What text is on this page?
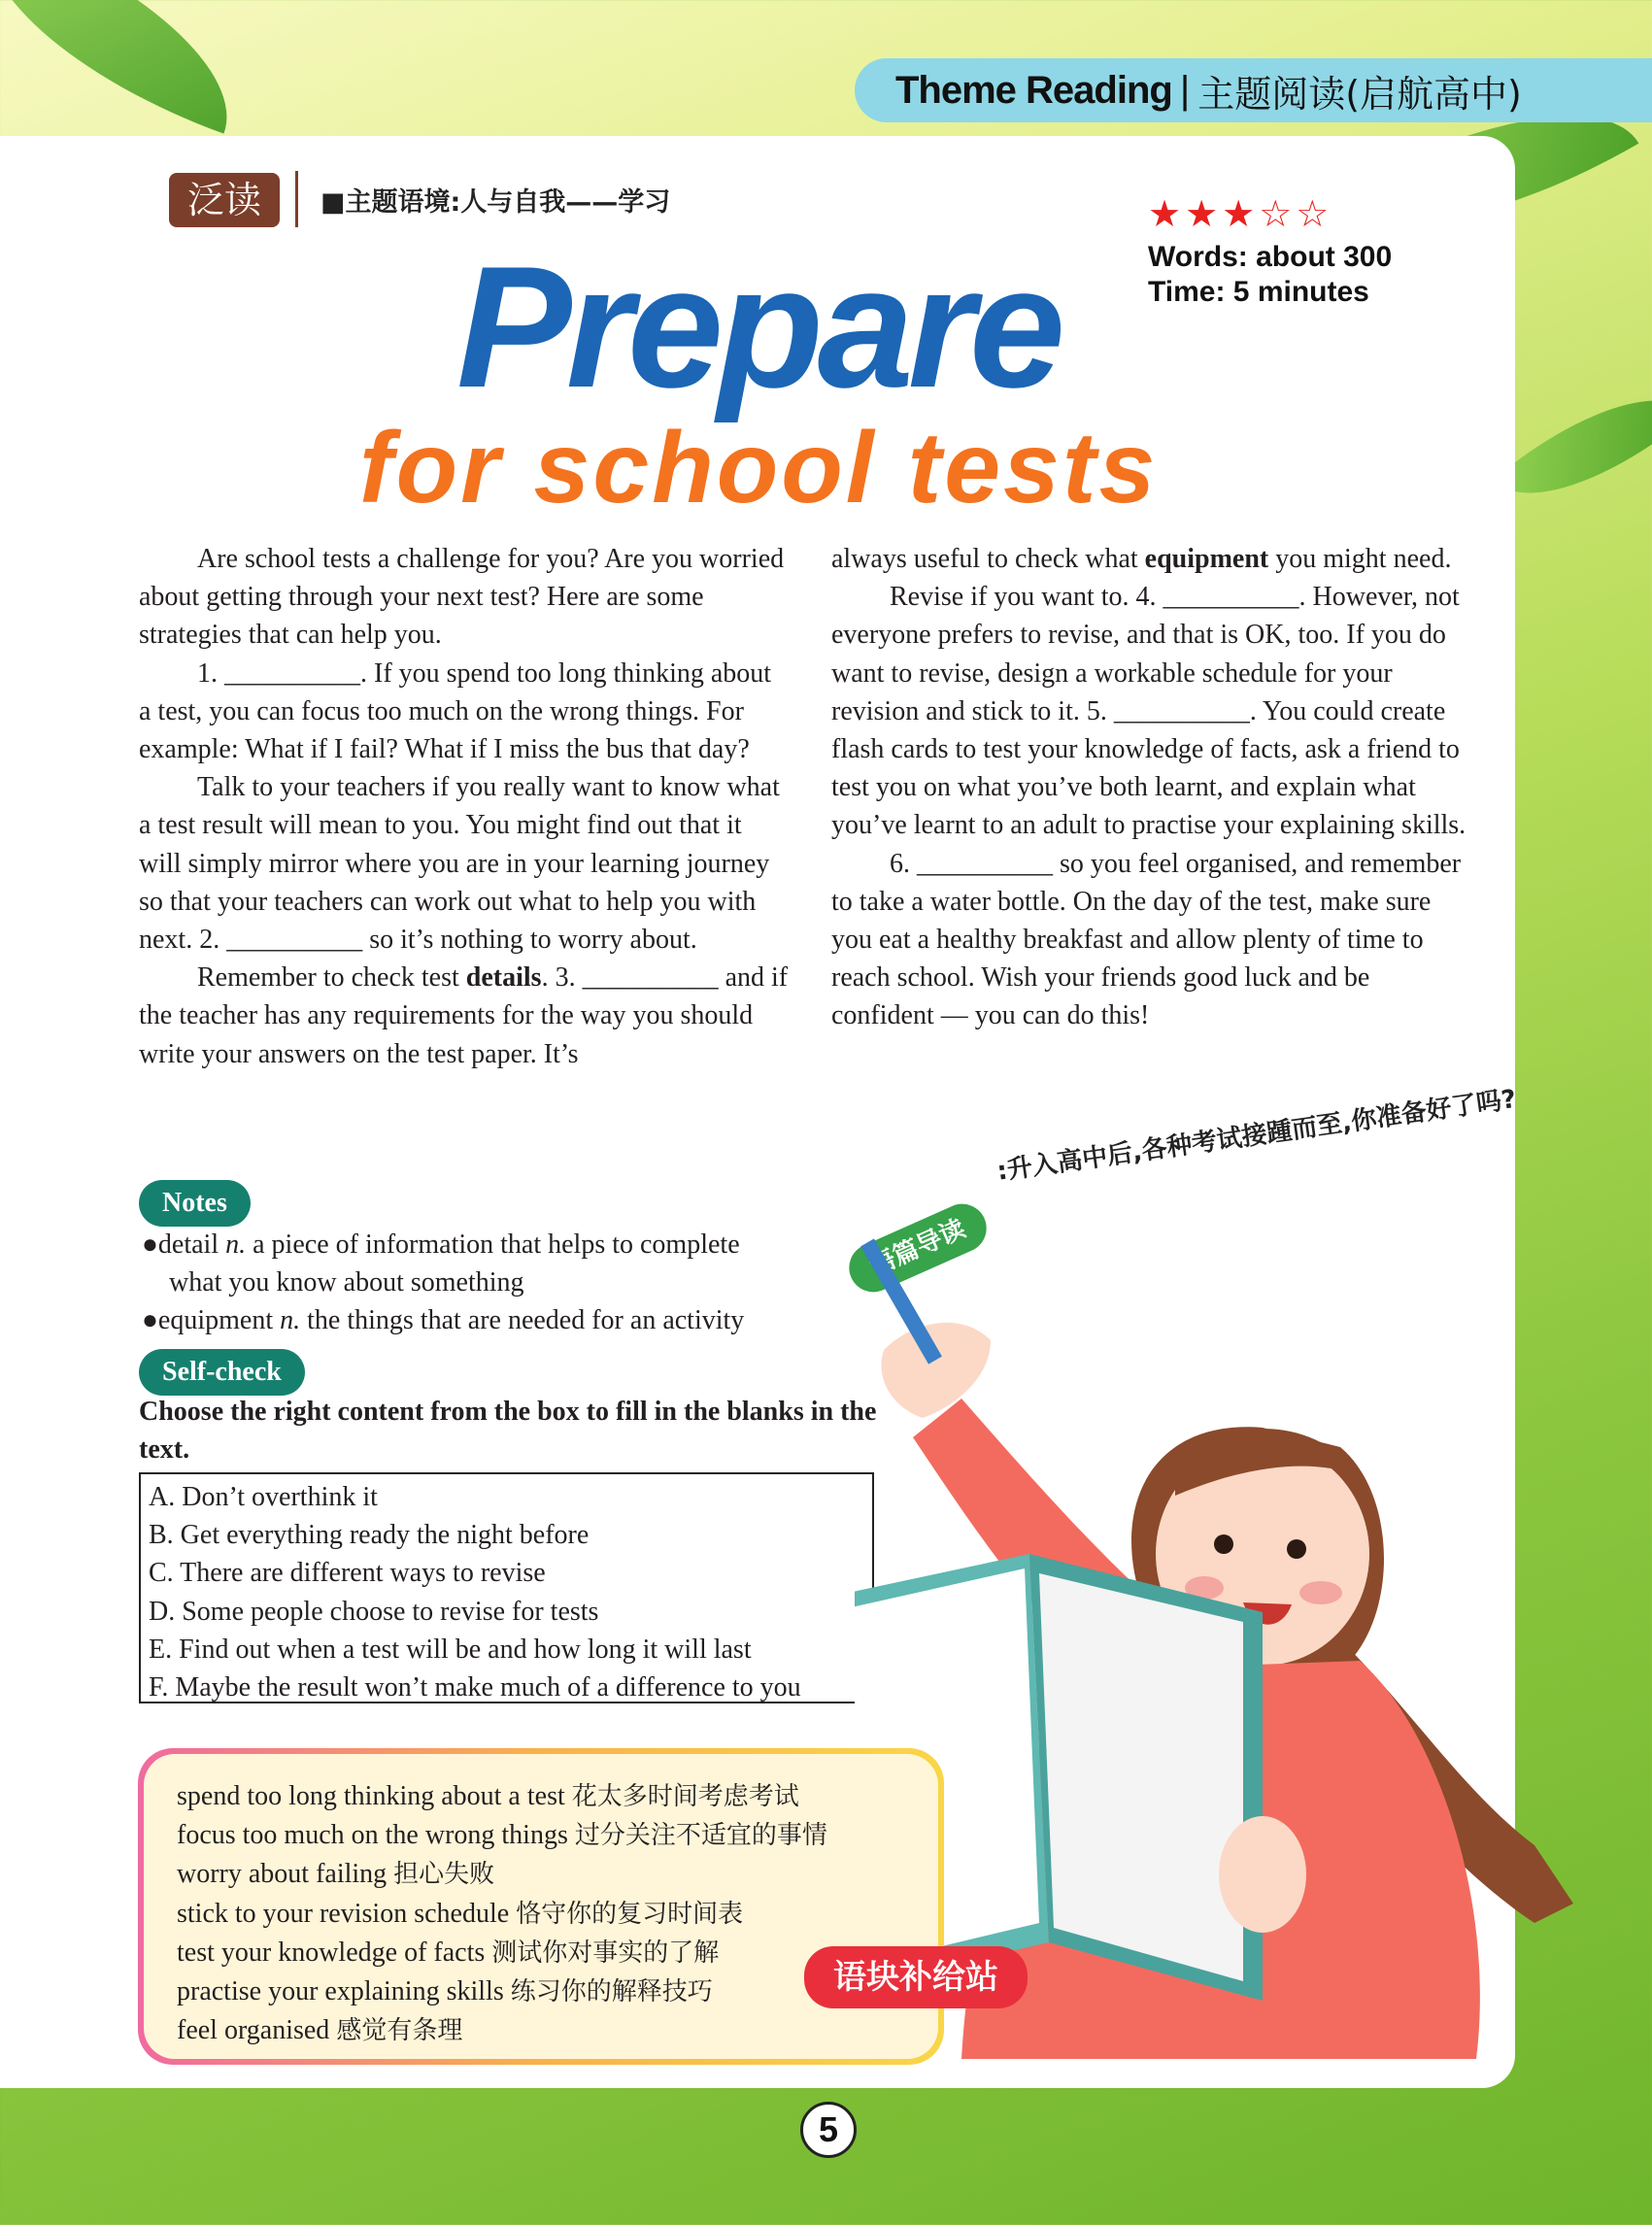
Theme Reading | 主题阅读(启航高中)
泛读	■主题语境:人与自我——学习	★★★☆☆
Words: about 300
Time: 5 minutes
Prepare
for school tests

Are school tests a challenge for you? Are you worried about getting through your next test? Here are some strategies that can help you.

1. __________. If you spend too long thinking about a test, you can focus too much on the wrong things. For example: What if I fail? What if I miss the bus that day?

Talk to your teachers if you really want to know what a test result will mean to you. You might find out that it will simply mirror where you are in your learning journey so that your teachers can work out what to help you with next. 2. __________ so it’s nothing to worry about.

Remember to check test details. 3. __________ and if the teacher has any requirements for the way you should write your answers on the test paper. It’s

always useful to check what equipment you might need.

Revise if you want to. 4. __________. However, not everyone prefers to revise, and that is OK, too. If you do want to revise, design a workable schedule for your revision and stick to it. 5. __________. You could create flash cards to test your knowledge of facts, ask a friend to test you on what you’ve both learnt, and explain what you’ve learnt to an adult to practise your explaining skills.

6. __________ so you feel organised, and remember to take a water bottle. On the day of the test, make sure you eat a healthy breakfast and allow plenty of time to reach school. Wish your friends good luck and be confident — you can do this!

Notes

●detail n. a piece of information that helps to complete

what you know about something

●equipment n. the things that are needed for an activity

Self-check
Choose the right content from the box to fill in the blanks in the text.

A. Don’t overthink it

B. Get everything ready the night before

C. There are different ways to revise

D. Some people choose to revise for tests

E. Find out when a test will be and how long it will last

F. Maybe the result won’t make much of a difference to you

语篇导读
:升入高中后,各种考试接踵而至,你准备好了吗?

spend too long thinking about a test 花太多时间考虑考试

focus too much on the wrong things 过分关注不适宜的事情

worry about failing 担心失败

stick to your revision schedule 恪守你的复习时间表

test your knowledge of facts 测试你对事实的了解

practise your explaining skills 练习你的解释技巧

feel organised 感觉有条理

语块补给站
5
